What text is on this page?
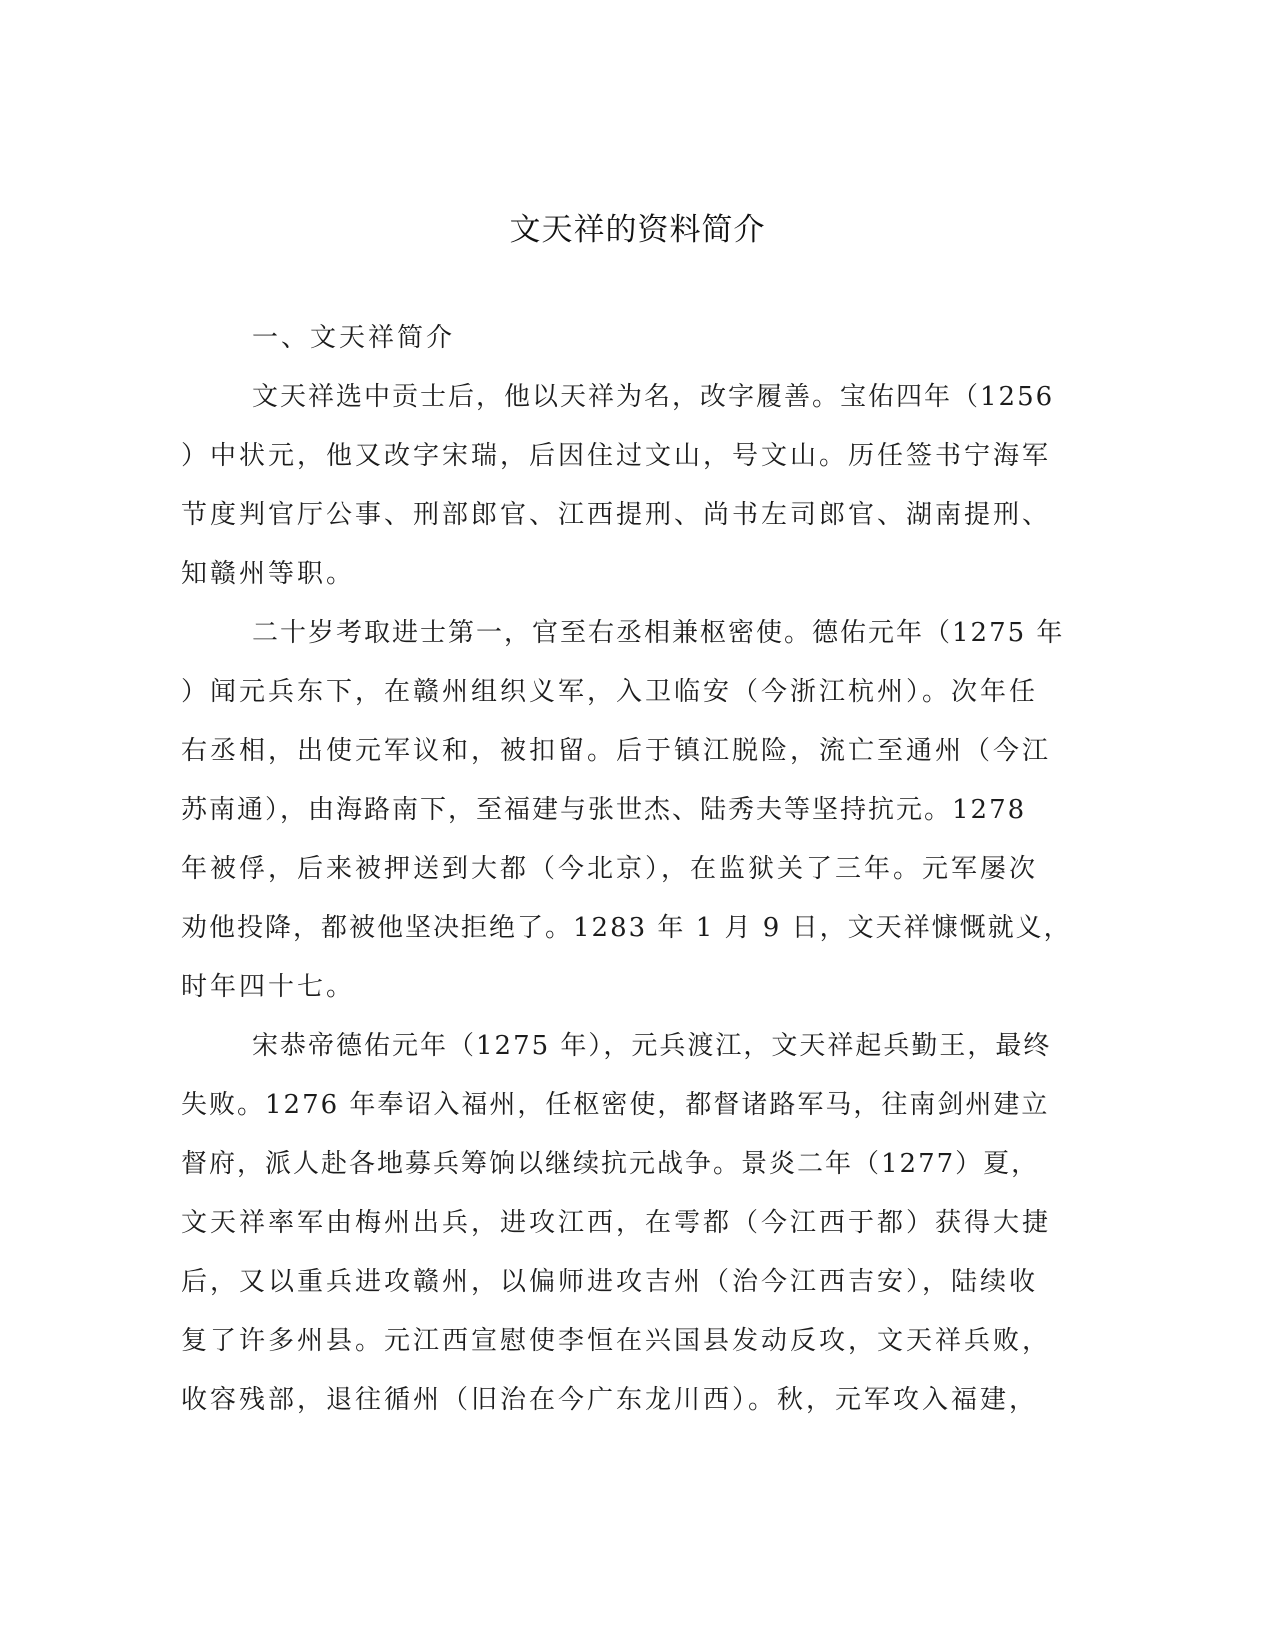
文天祥的资料简介
一、文天祥简介
文天祥选中贡士后，他以天祥为名，改字履善。宝佑四年（1256
）中状元，他又改字宋瑞，后因住过文山，号文山。历任签书宁海军
节度判官厅公事、刑部郎官、江西提刑、尚书左司郎官、湖南提刑、
知赣州等职。
二十岁考取进士第一，官至右丞相兼枢密使。德佑元年（1275 年
）闻元兵东下，在赣州组织义军，入卫临安（今浙江杭州）。次年任
右丞相，出使元军议和，被扣留。后于镇江脱险，流亡至通州（今江
苏南通），由海路南下，至福建与张世杰、陆秀夫等坚持抗元。1278
年被俘，后来被押送到大都（今北京），在监狱关了三年。元军屡次
劝他投降，都被他坚决拒绝了。1283 年 1 月 9 日，文天祥慷慨就义，
时年四十七。
宋恭帝德佑元年（1275 年），元兵渡江，文天祥起兵勤王，最终
失败。1276 年奉诏入福州，任枢密使，都督诸路军马，往南剑州建立
督府，派人赴各地募兵筹饷以继续抗元战争。景炎二年（1277）夏，
文天祥率军由梅州出兵，进攻江西，在雩都（今江西于都）获得大捷
后，又以重兵进攻赣州，以偏师进攻吉州（治今江西吉安），陆续收
复了许多州县。元江西宣慰使李恒在兴国县发动反攻，文天祥兵败，
收容残部，退往循州（旧治在今广东龙川西）。秋，元军攻入福建，
